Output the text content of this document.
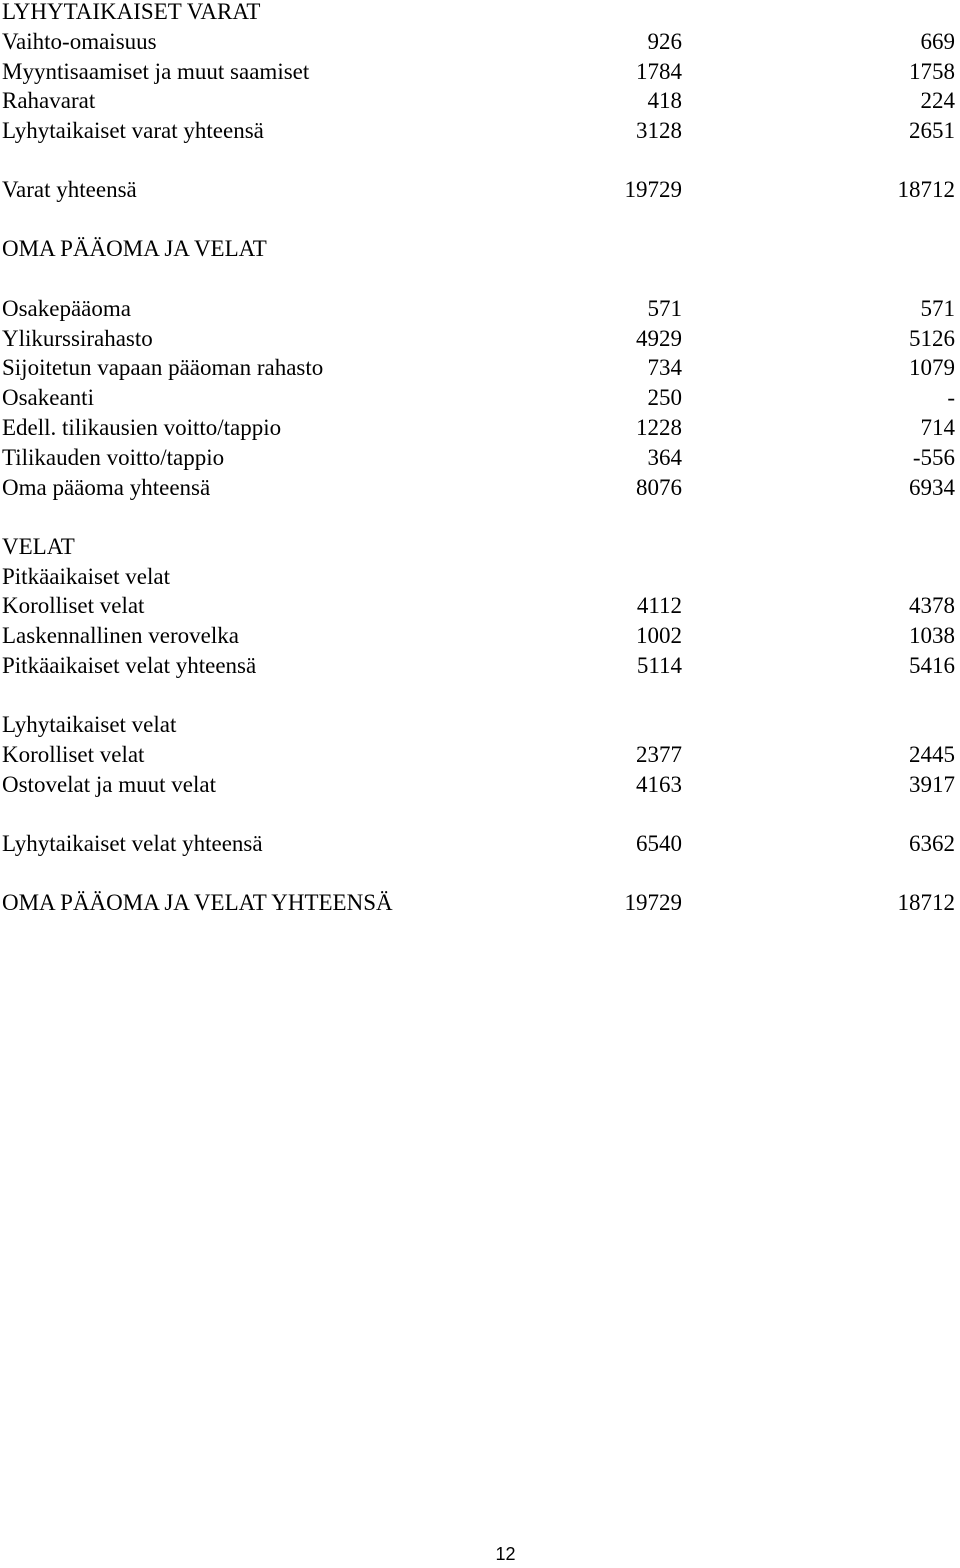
LYHYTAIKAISET VARAT
Vaihto-omaisuus	926	669
Myyntisaamiset ja muut saamiset	1784	1758
Rahavarat	418	224
Lyhytaikaiset varat yhteensä	3128	2651
Varat yhteensä	19729	18712
OMA PÄÄOMA JA VELAT
Osakepääoma	571	571
Ylikurssirahasto	4929	5126
Sijoitetun vapaan pääoman rahasto	734	1079
Osakeanti	250	-
Edell. tilikausien voitto/tappio	1228	714
Tilikauden voitto/tappio	364	-556
Oma pääoma yhteensä	8076	6934
VELAT
Pitkäaikaiset velat
Korolliset velat	4112	4378
Laskennallinen verovelka	1002	1038
Pitkäaikaiset velat yhteensä	5114	5416
Lyhytaikaiset velat
Korolliset velat	2377	2445
Ostovelat ja muut velat	4163	3917
Lyhytaikaiset velat yhteensä	6540	6362
OMA PÄÄOMA JA VELAT YHTEENSÄ	19729	18712
12
